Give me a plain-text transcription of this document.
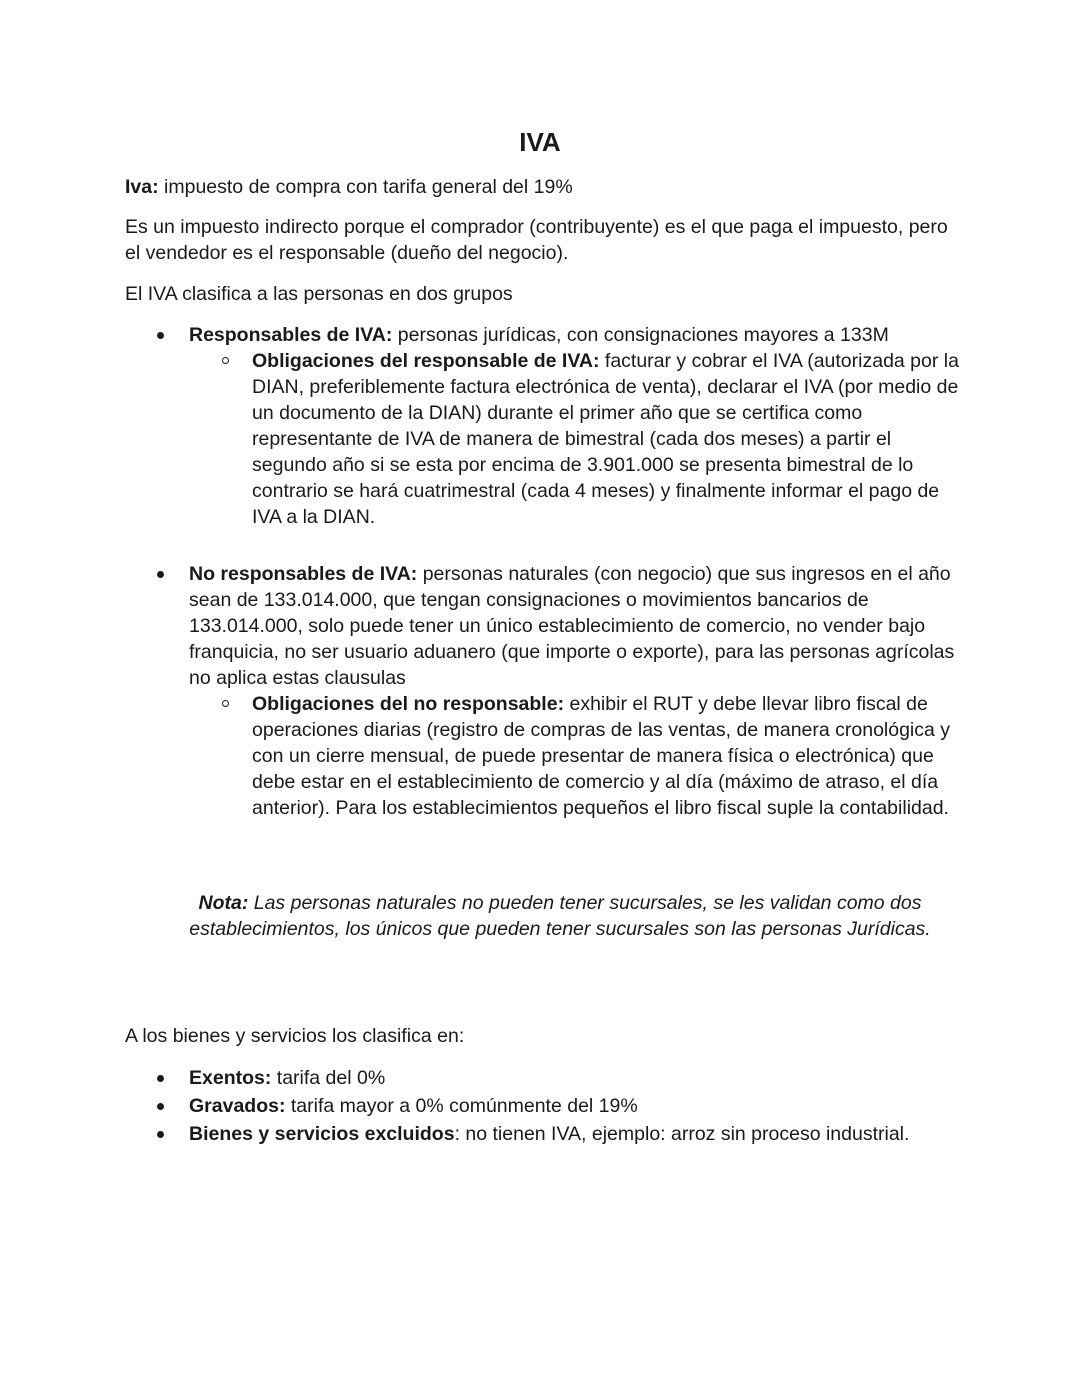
IVA
Iva: impuesto de compra con tarifa general del 19%
Es un impuesto indirecto porque el comprador (contribuyente) es el que paga el impuesto, pero el vendedor es el responsable (dueño del negocio).
El IVA clasifica a las personas en dos grupos
Responsables de IVA: personas jurídicas, con consignaciones mayores a 133M
Obligaciones del responsable de IVA: facturar y cobrar el IVA (autorizada por la DIAN, preferiblemente factura electrónica de venta), declarar el IVA (por medio de un documento de la DIAN) durante el primer año que se certifica como representante de IVA de manera de bimestral (cada dos meses) a partir el segundo año si se esta por encima de 3.901.000 se presenta bimestral de lo contrario se hará cuatrimestral (cada 4 meses) y finalmente informar el pago de IVA a la DIAN.
No responsables de IVA: personas naturales (con negocio) que sus ingresos en el año sean de 133.014.000, que tengan consignaciones o movimientos bancarios de 133.014.000, solo puede tener un único establecimiento de comercio, no vender bajo franquicia, no ser usuario aduanero (que importe o exporte), para las personas agrícolas no aplica estas clausulas
Obligaciones del no responsable: exhibir el RUT y debe llevar libro fiscal de operaciones diarias (registro de compras de las ventas, de manera cronológica y con un cierre mensual, de puede presentar de manera física o electrónica) que debe estar en el establecimiento de comercio y al día (máximo de atraso, el día anterior). Para los establecimientos pequeños el libro fiscal suple la contabilidad.
Nota: Las personas naturales no pueden tener sucursales, se les validan como dos establecimientos, los únicos que pueden tener sucursales son las personas Jurídicas.
A los bienes y servicios los clasifica en:
Exentos: tarifa del 0%
Gravados: tarifa mayor a 0% comúnmente del 19%
Bienes y servicios excluidos: no tienen IVA, ejemplo: arroz sin proceso industrial.
